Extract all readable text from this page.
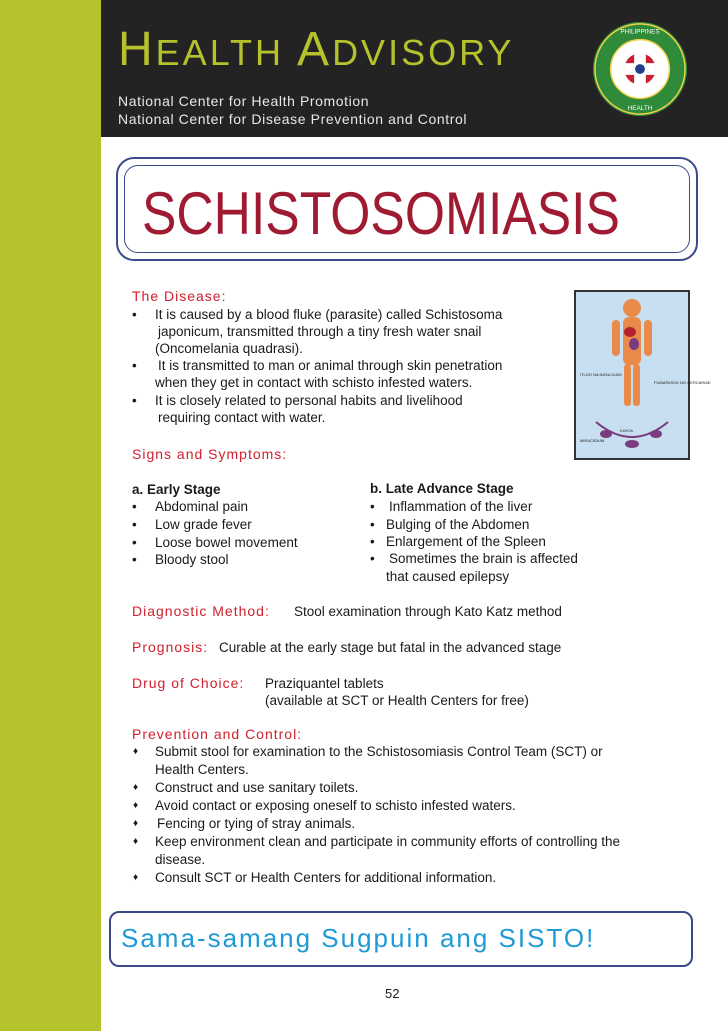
HEALTH ADVISORY
National Center for Health Promotion
National Center for Disease Prevention and Control
PHILIPPINES
HEALTH
SCHISTOSOMIASIS
The Disease:
• It is caused by a blood fluke (parasite) called Schistosoma
japonicum, transmitted through a tiny fresh water snail
(Oncomelania quadrasi).
• It is transmitted to man or animal through skin penetration
when they get in contact with schisto infested waters.
• It is closely related to personal habits and livelihood
requiring contact with water.
ITLOG NA NASA DUMI
PUMAPASOK NG CERCARIAE
KUHOL
MIRACIDIUM
Signs and Symptoms:
a. Early Stage
• Abdominal pain
• Low grade fever
• Loose bowel movement
• Bloody stool
b. Late Advance Stage
• Inflammation of the liver
• Bulging of the Abdomen
• Enlargement of the Spleen
• Sometimes the brain is affected
that caused epilepsy
Diagnostic Method: Stool examination through Kato Katz method
Prognosis: Curable at the early stage but fatal in the advanced stage
Drug of Choice: Praziquantel tablets
(available at SCT or Health Centers for free)
Prevention and Control:
♦ Submit stool for examination to the Schistosomiasis Control Team (SCT) or
Health Centers.
♦ Construct and use sanitary toilets.
♦ Avoid contact or exposing oneself to schisto infested waters.
♦ Fencing or tying of stray animals.
♦ Keep environment clean and participate in community efforts of controlling the
disease.
♦ Consult SCT or Health Centers for additional information.
Sama-samang Sugpuin ang SISTO!
52
